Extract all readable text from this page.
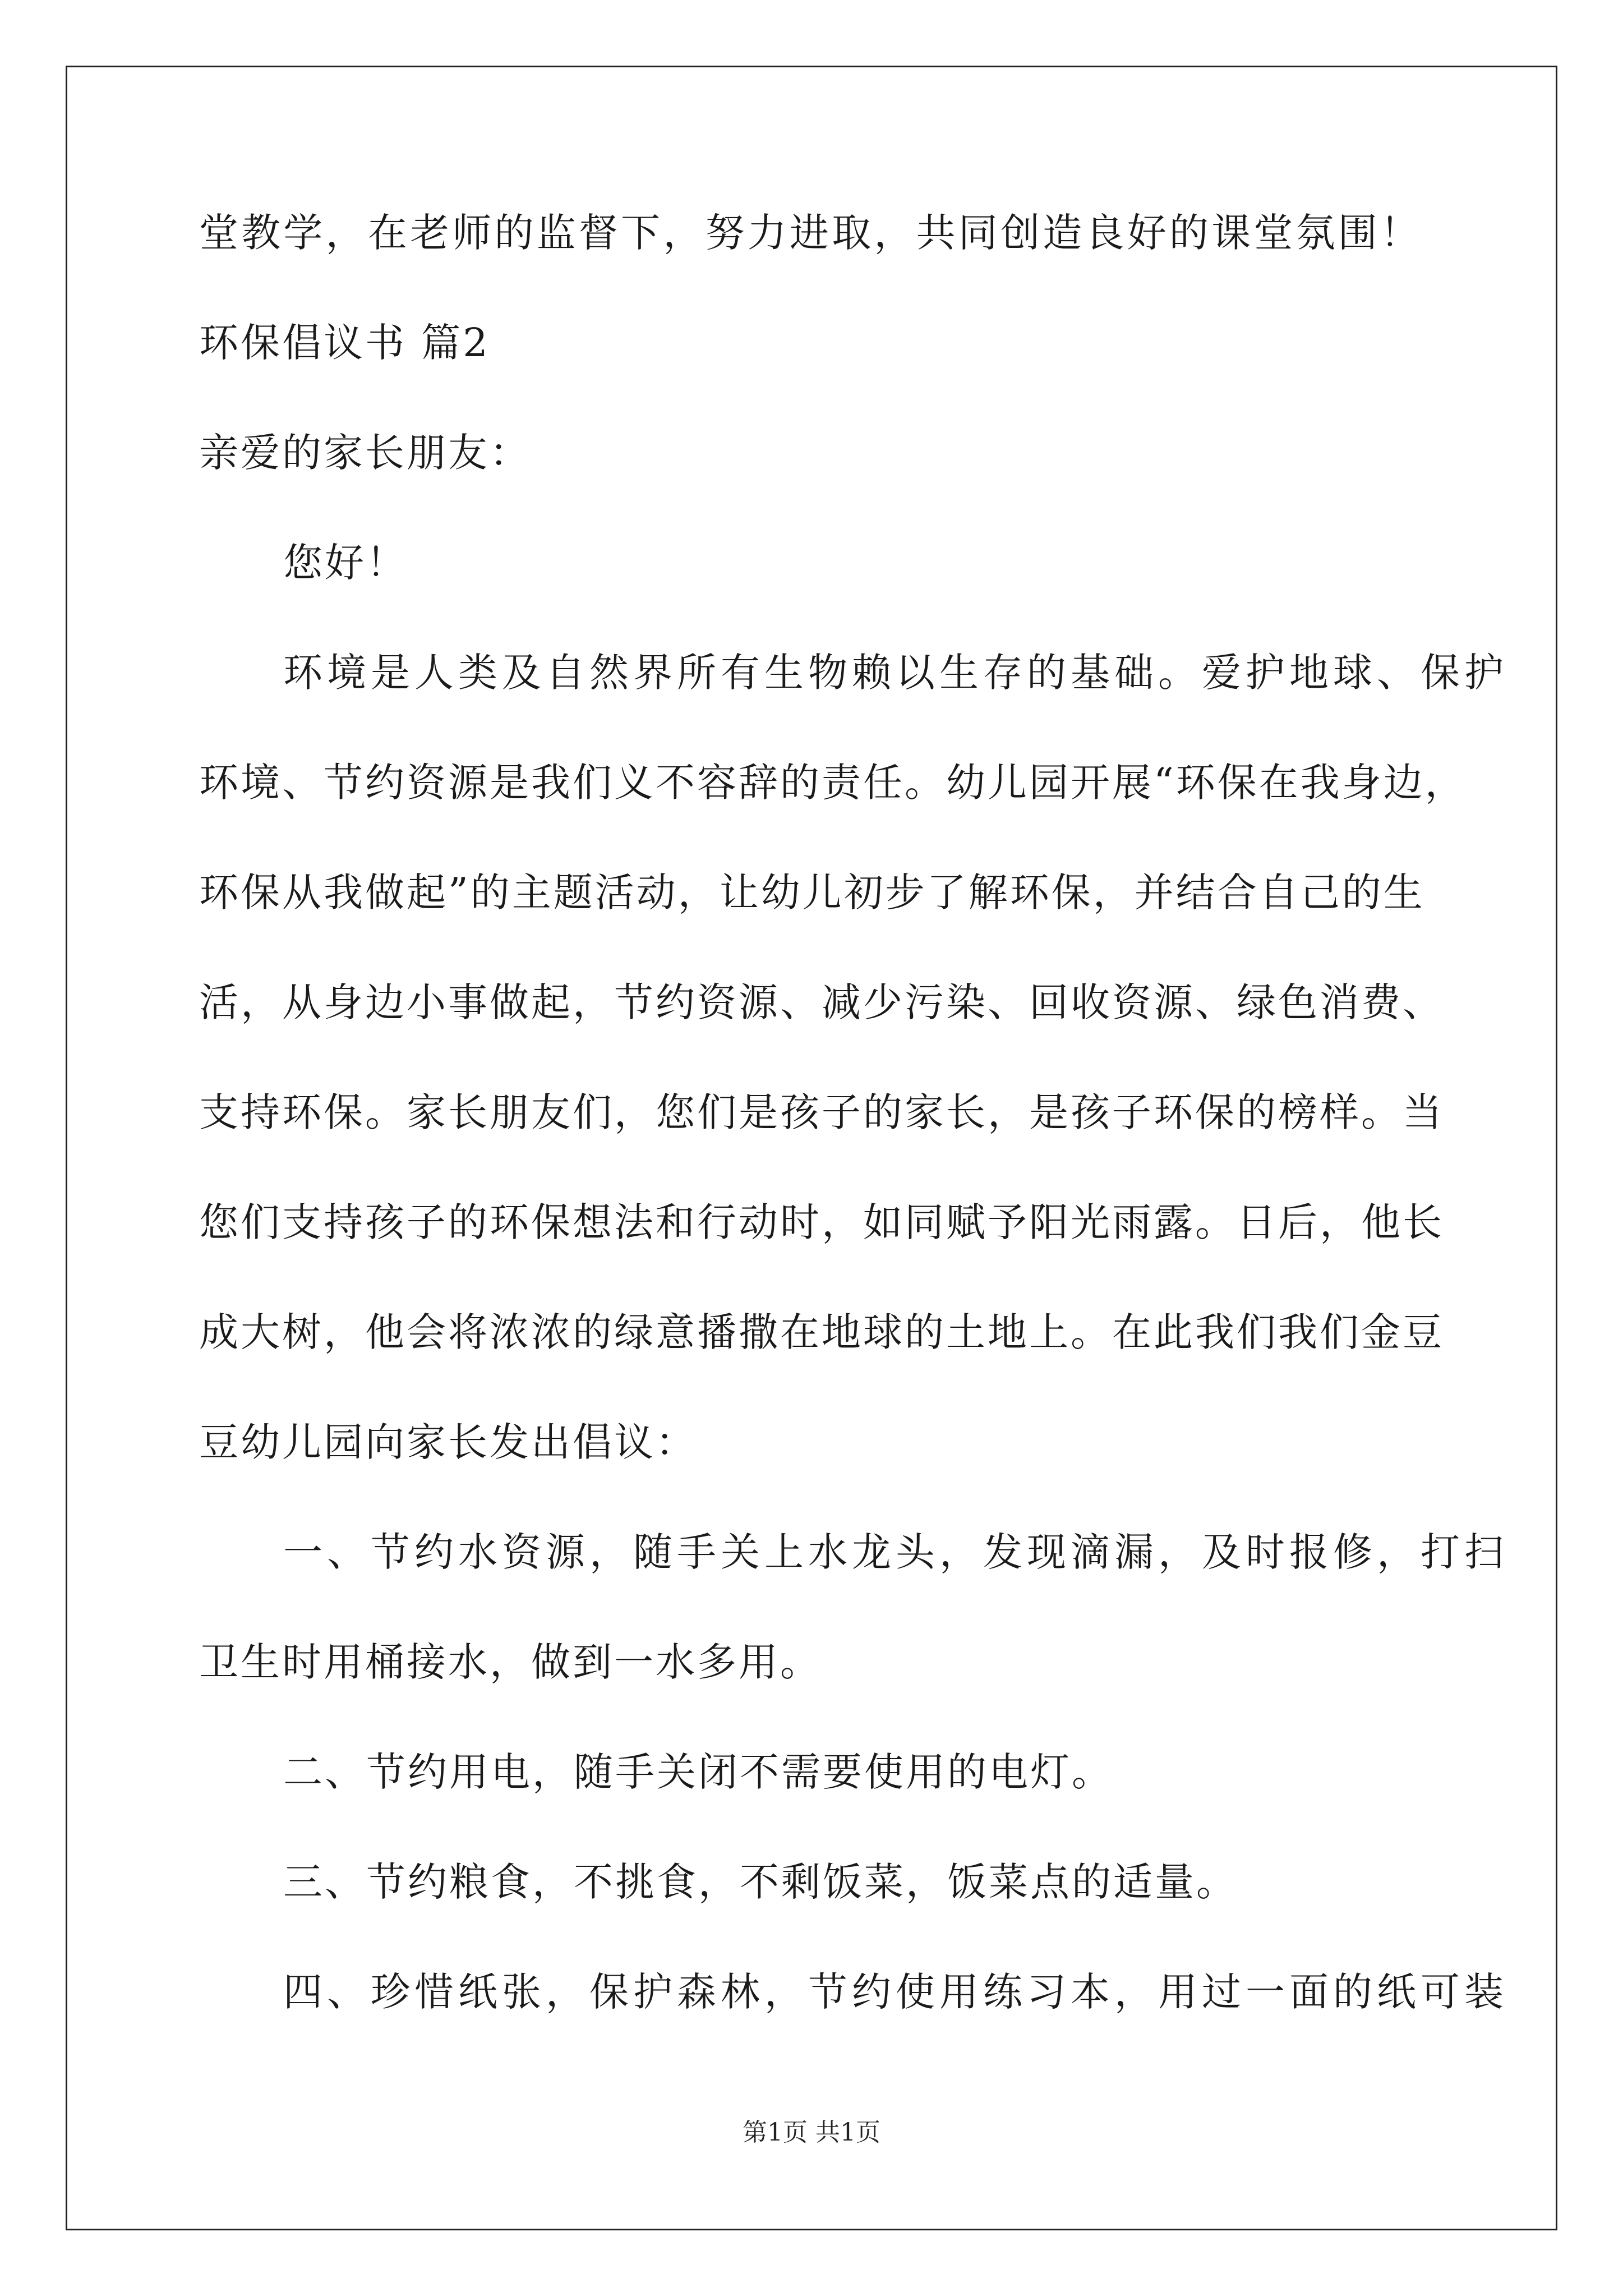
堂教学，在老师的监督下，努力进取，共同创造良好的课堂氛围！
环保倡议书 篇2
亲爱的家长朋友：
您好！
环境是人类及自然界所有生物赖以生存的基础。爱护地球、保护
环境、节约资源是我们义不容辞的责任。幼儿园开展“环保在我身边，
环保从我做起”的主题活动，让幼儿初步了解环保，并结合自己的生
活，从身边小事做起，节约资源、减少污染、回收资源、绿色消费、
支持环保。家长朋友们，您们是孩子的家长，是孩子环保的榜样。当
您们支持孩子的环保想法和行动时，如同赋予阳光雨露。日后，他长
成大树，他会将浓浓的绿意播撒在地球的土地上。在此我们我们金豆
豆幼儿园向家长发出倡议：
一、节约水资源，随手关上水龙头，发现滴漏，及时报修，打扫
卫生时用桶接水，做到一水多用。
二、节约用电，随手关闭不需要使用的电灯。
三、节约粮食，不挑食，不剩饭菜，饭菜点的适量。
四、珍惜纸张，保护森林，节约使用练习本，用过一面的纸可装
第1页 共1页
